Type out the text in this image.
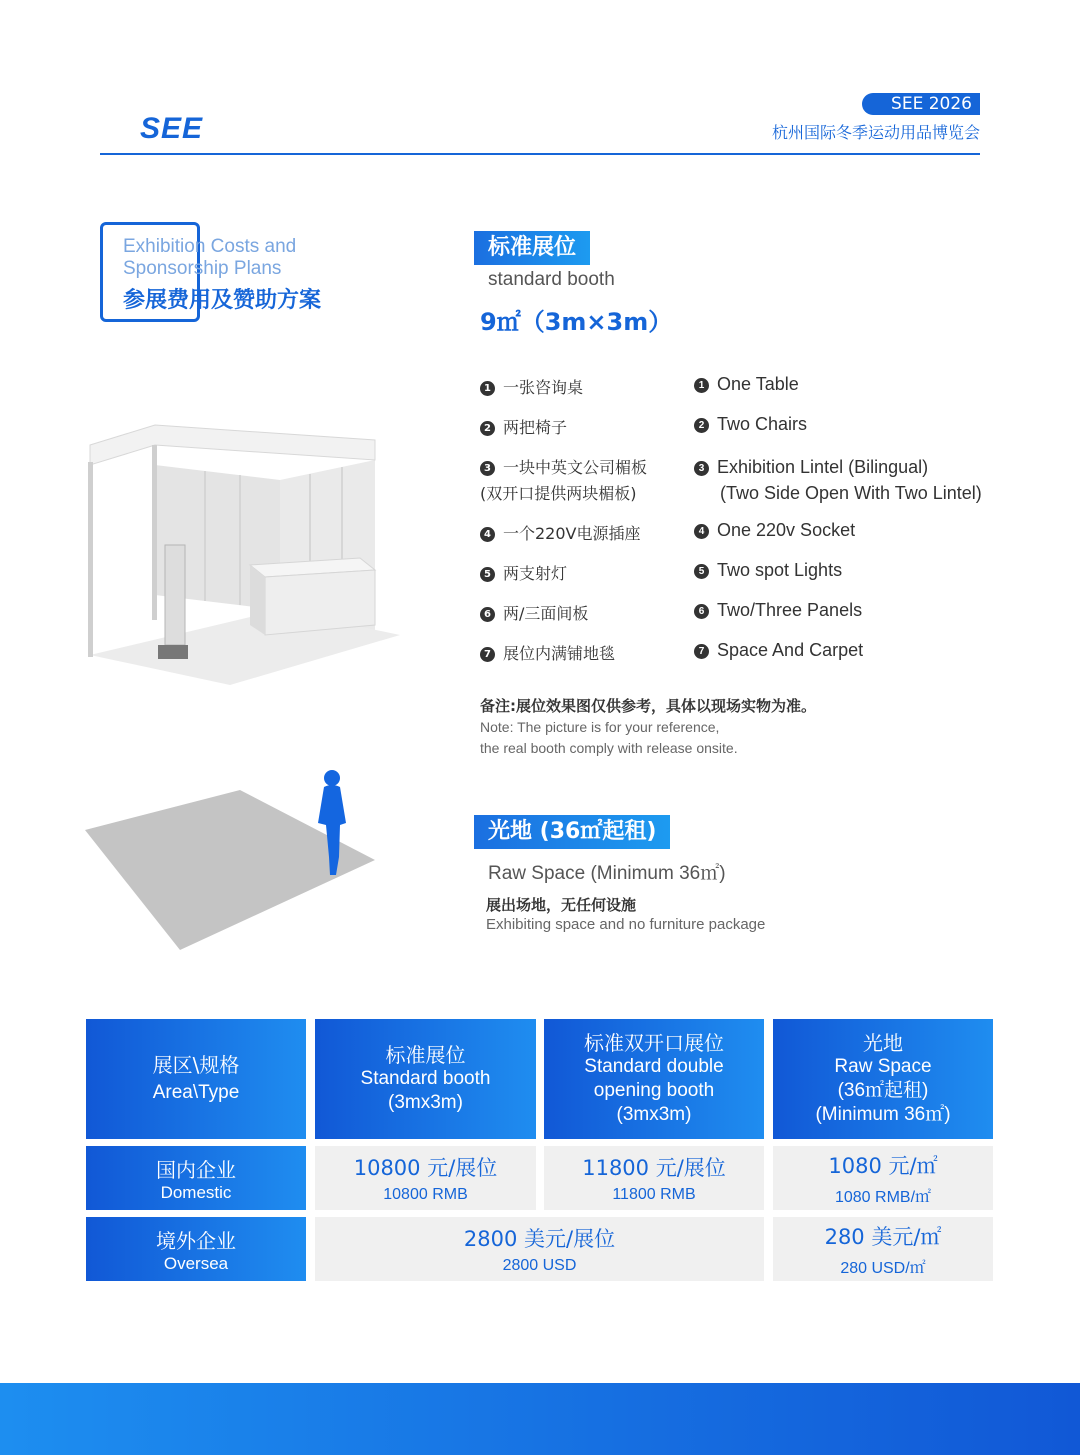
SEE
SEE 2026
杭州国际冬季运动用品博览会
Exhibition Costs and Sponsorship Plans
参展费用及赞助方案
标准展位
standard booth
9㎡（3m×3m）
1 一张咨询桌
2 两把椅子
3 一块中英文公司楣板
(双开口提供两块楣板)
4 一个220V电源插座
5 两支射灯
6 两/三面间板
7 展位内满铺地毯
1 One Table
2 Two Chairs
3 Exhibition Lintel (Bilingual)
(Two Side Open With Two Lintel)
4 One 220v Socket
5 Two spot Lights
6 Two/Three Panels
7 Space And Carpet
备注:展位效果图仅供参考，具体以现场实物为准。
Note: The picture is for your reference,
the real booth comply with release onsite.
光地 (36㎡起租)
Raw Space (Minimum 36㎡)
展出场地，无任何设施
Exhibiting space and no furniture package
展区\规格
Area\Type
标准展位
Standard booth
(3mx3m)
标准双开口展位
Standard double
opening booth
(3mx3m)
光地
Raw Space
(36㎡起租)
(Minimum 36㎡)
国内企业
Domestic
10800 元/展位
10800 RMB
11800 元/展位
11800 RMB
1080 元/㎡
1080 RMB/㎡
境外企业
Oversea
2800 美元/展位
2800 USD
280 美元/㎡
280 USD/㎡
